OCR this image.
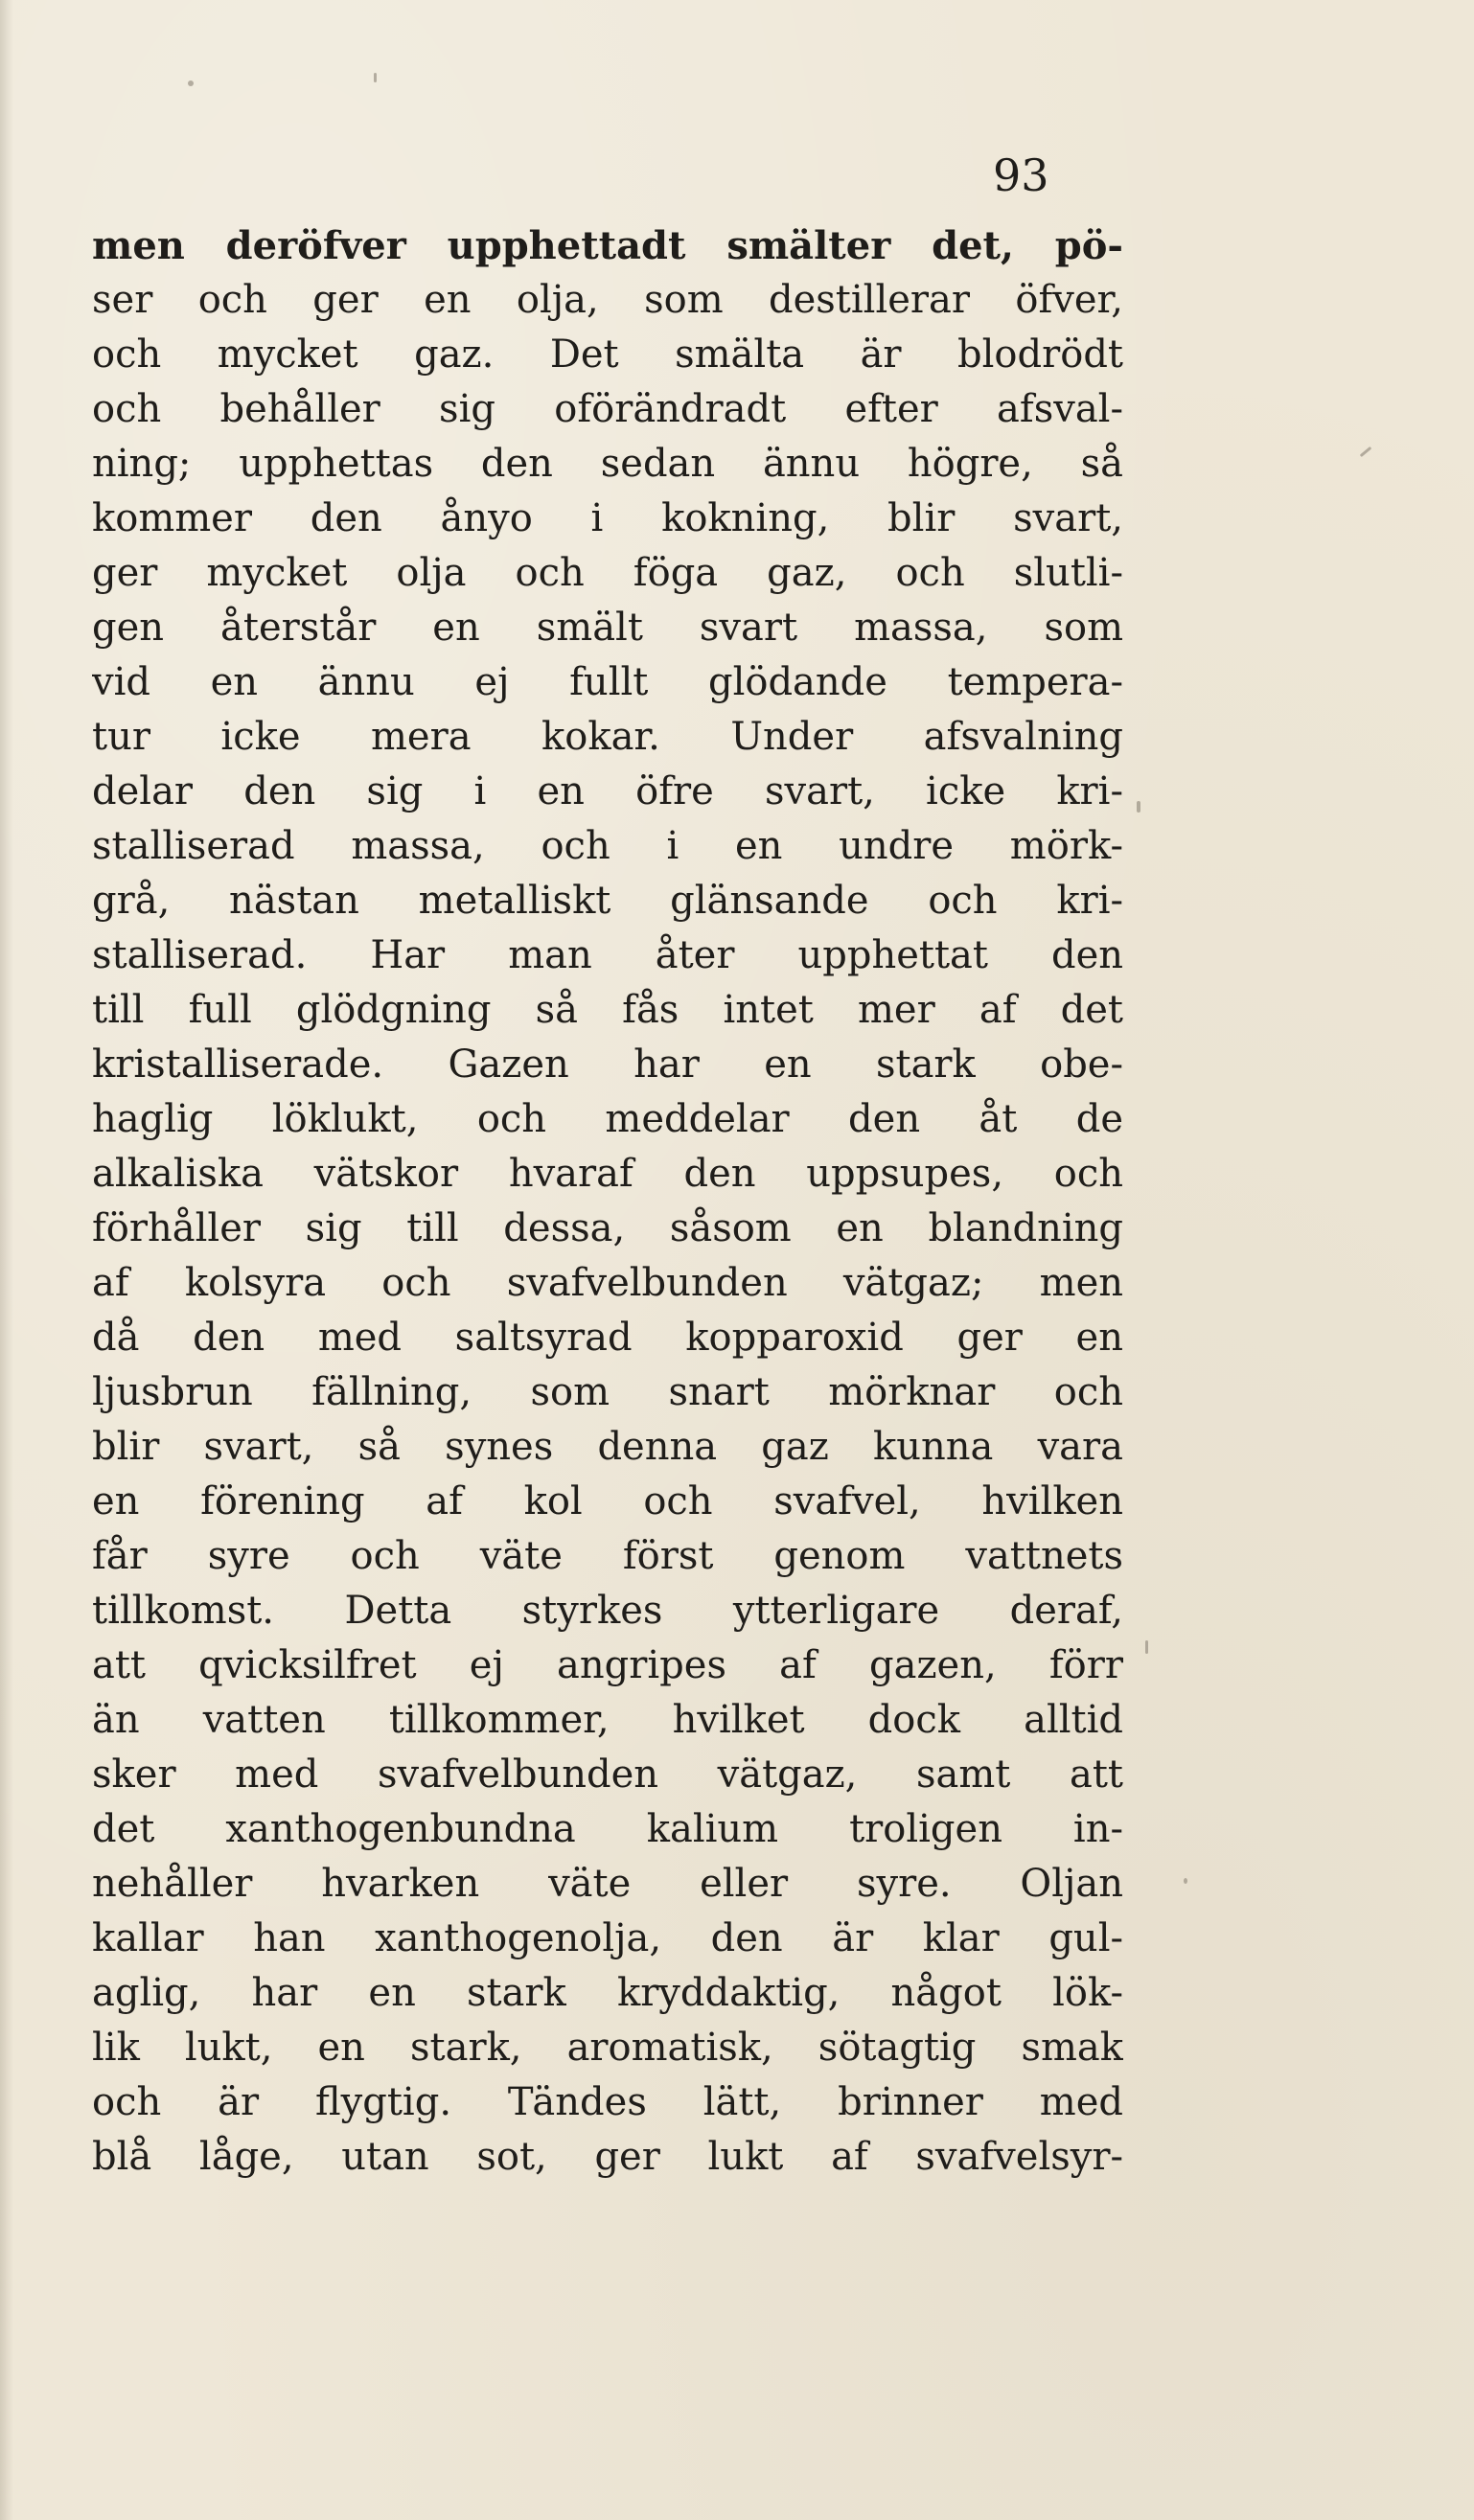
93
men deröfver upphettadt smälter det, pö-
ser och ger en olja, som destillerar öfver,
och mycket gaz. Det smälta är blodrödt
och behåller sig oförändradt efter afsval-
ning; upphettas den sedan ännu högre, så
kommer den ånyo i kokning, blir svart,
ger mycket olja och föga gaz, och slutli-
gen återstår en smält svart massa, som
vid en ännu ej fullt glödande tempera-
tur icke mera kokar. Under afsvalning
delar den sig i en öfre svart, icke kri-
stalliserad massa, och i en undre mörk-
grå, nästan metalliskt glänsande och kri-
stalliserad. Har man åter upphettat den
till full glödgning så fås intet mer af det
kristalliserade. Gazen har en stark obe-
haglig löklukt, och meddelar den åt de
alkaliska vätskor hvaraf den uppsupes, och
förhåller sig till dessa, såsom en blandning
af kolsyra och svafvelbunden vätgaz; men
då den med saltsyrad kopparoxid ger en
ljusbrun fällning, som snart mörknar och
blir svart, så synes denna gaz kunna vara
en förening af kol och svafvel, hvilken
får syre och väte först genom vattnets
tillkomst. Detta styrkes ytterligare deraf,
att qvicksilfret ej angripes af gazen, förr
än vatten tillkommer, hvilket dock alltid
sker med svafvelbunden vätgaz, samt att
det xanthogenbundna kalium troligen in-
nehåller hvarken väte eller syre. Oljan
kallar han xanthogenolja, den är klar gul-
aglig, har en stark kryddaktig, något lök-
lik lukt, en stark, aromatisk, sötagtig smak
och är flygtig. Tändes lätt, brinner med
blå låge, utan sot, ger lukt af svafvelsyr-
